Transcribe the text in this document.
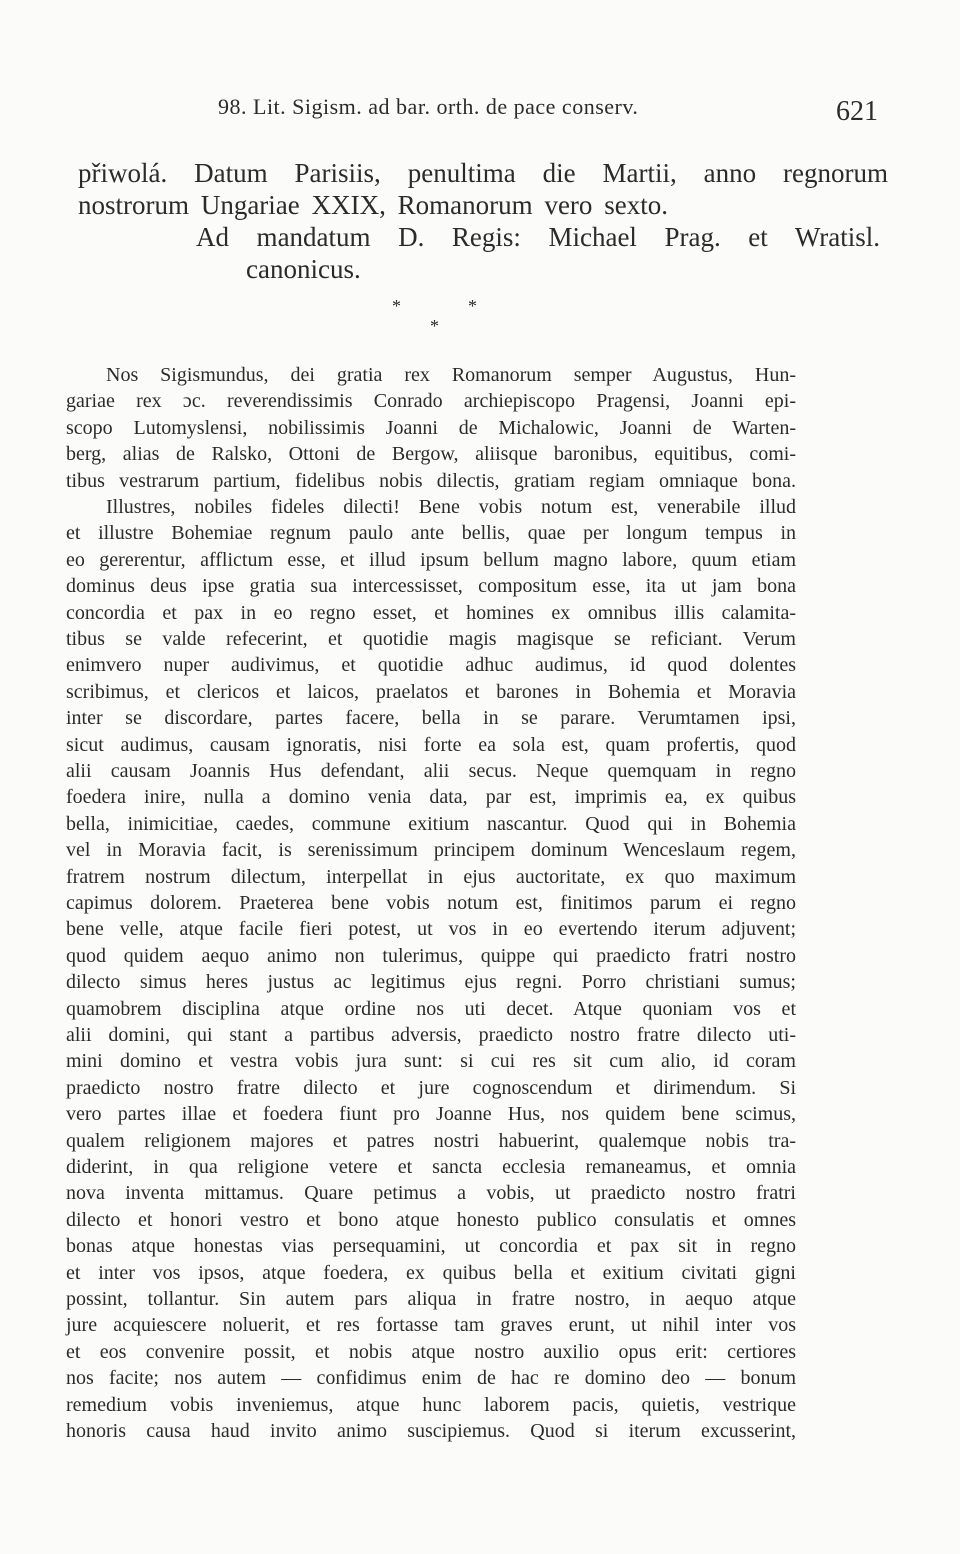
98. Lit. Sigism. ad bar. orth. de pace conserv.	621
přiwolá. Datum Parisiis, penultima die Martii, anno regnorum
nostrorum Ungariae XXIX, Romanorum vero sexto.
Ad mandatum D. Regis: Michael Prag. et Wratisl.
canonicus.
*	*
*
Nos Sigismundus, dei gratia rex Romanorum semper Augustus, Hun-
gariae rex ɔc. reverendissimis Conrado archiepiscopo Pragensi, Joanni epi-
scopo Lutomyslensi, nobilissimis Joanni de Michalowic, Joanni de Warten-
berg, alias de Ralsko, Ottoni de Bergow, aliisque baronibus, equitibus, comi-
tibus vestrarum partium, fidelibus nobis dilectis, gratiam regiam omniaque bona.
Illustres, nobiles fideles dilecti! Bene vobis notum est, venerabile illud
et illustre Bohemiae regnum paulo ante bellis, quae per longum tempus in
eo gererentur, afflictum esse, et illud ipsum bellum magno labore, quum etiam
dominus deus ipse gratia sua intercessisset, compositum esse, ita ut jam bona
concordia et pax in eo regno esset, et homines ex omnibus illis calamita-
tibus se valde refecerint, et quotidie magis magisque se reficiant. Verum
enimvero nuper audivimus, et quotidie adhuc audimus, id quod dolentes
scribimus, et clericos et laicos, praelatos et barones in Bohemia et Moravia
inter se discordare, partes facere, bella in se parare. Verumtamen ipsi,
sicut audimus, causam ignoratis, nisi forte ea sola est, quam profertis, quod
alii causam Joannis Hus defendant, alii secus. Neque quemquam in regno
foedera inire, nulla a domino venia data, par est, imprimis ea, ex quibus
bella, inimicitiae, caedes, commune exitium nascantur. Quod qui in Bohemia
vel in Moravia facit, is serenissimum principem dominum Wenceslaum regem,
fratrem nostrum dilectum, interpellat in ejus auctoritate, ex quo maximum
capimus dolorem. Praeterea bene vobis notum est, finitimos parum ei regno
bene velle, atque facile fieri potest, ut vos in eo evertendo iterum adjuvent;
quod quidem aequo animo non tulerimus, quippe qui praedicto fratri nostro
dilecto simus heres justus ac legitimus ejus regni. Porro christiani sumus;
quamobrem disciplina atque ordine nos uti decet. Atque quoniam vos et
alii domini, qui stant a partibus adversis, praedicto nostro fratre dilecto uti-
mini domino et vestra vobis jura sunt: si cui res sit cum alio, id coram
praedicto nostro fratre dilecto et jure cognoscendum et dirimendum. Si
vero partes illae et foedera fiunt pro Joanne Hus, nos quidem bene scimus,
qualem religionem majores et patres nostri habuerint, qualemque nobis tra-
diderint, in qua religione vetere et sancta ecclesia remaneamus, et omnia
nova inventa mittamus. Quare petimus a vobis, ut praedicto nostro fratri
dilecto et honori vestro et bono atque honesto publico consulatis et omnes
bonas atque honestas vias persequamini, ut concordia et pax sit in regno
et inter vos ipsos, atque foedera, ex quibus bella et exitium civitati gigni
possint, tollantur. Sin autem pars aliqua in fratre nostro, in aequo atque
jure acquiescere noluerit, et res fortasse tam graves erunt, ut nihil inter vos
et eos convenire possit, et nobis atque nostro auxilio opus erit: certiores
nos facite; nos autem — confidimus enim de hac re domino deo — bonum
remedium vobis inveniemus, atque hunc laborem pacis, quietis, vestrique
honoris causa haud invito animo suscipiemus. Quod si iterum excusserint,
